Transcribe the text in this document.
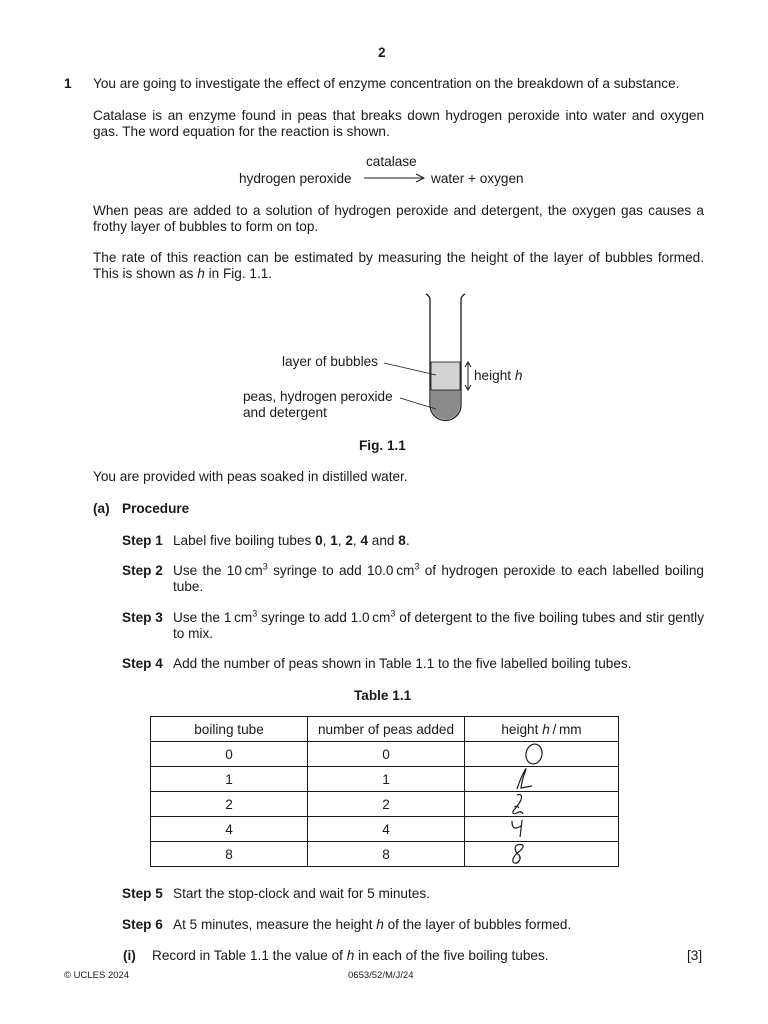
2
1 You are going to investigate the effect of enzyme concentration on the breakdown of a substance.
Catalase is an enzyme found in peas that breaks down hydrogen peroxide into water and oxygen gas. The word equation for the reaction is shown.
catalase
hydrogen peroxide	water + oxygen
When peas are added to a solution of hydrogen peroxide and detergent, the oxygen gas causes a frothy layer of bubbles to form on top.
The rate of this reaction can be estimated by measuring the height of the layer of bubbles formed. This is shown as h in Fig. 1.1.
height h
layer of bubbles
peas, hydrogen peroxide
and detergent
Fig. 1.1
You are provided with peas soaked in distilled water.
(a) Procedure
Step 1 Label five boiling tubes 0, 1, 2, 4 and 8.
Step 2 Use the 10 $cm^3$ syringe to add 10.0 $cm^3$ of hydrogen peroxide to each labelled boiling tube.
Step 3 Use the 1 $cm^3$ syringe to add 1.0 $cm^3$ of detergent to the five boiling tubes and stir gently to mix.
Step 4 Add the number of peas shown in Table 1.1 to the five labelled boiling tubes.
Table 1.1
boiling tube	number of peas added	height h / mm
0	0	

1	1	

2	2	

4	4	

8	8	
Step 5 Start the stop-clock and wait for 5 minutes.
Step 6 At 5 minutes, measure the height h of the layer of bubbles formed.
(i) Record in Table 1.1 the value of h in each of the five boiling tubes.	[3]
© UCLES 2024	0653/52/M/J/24
